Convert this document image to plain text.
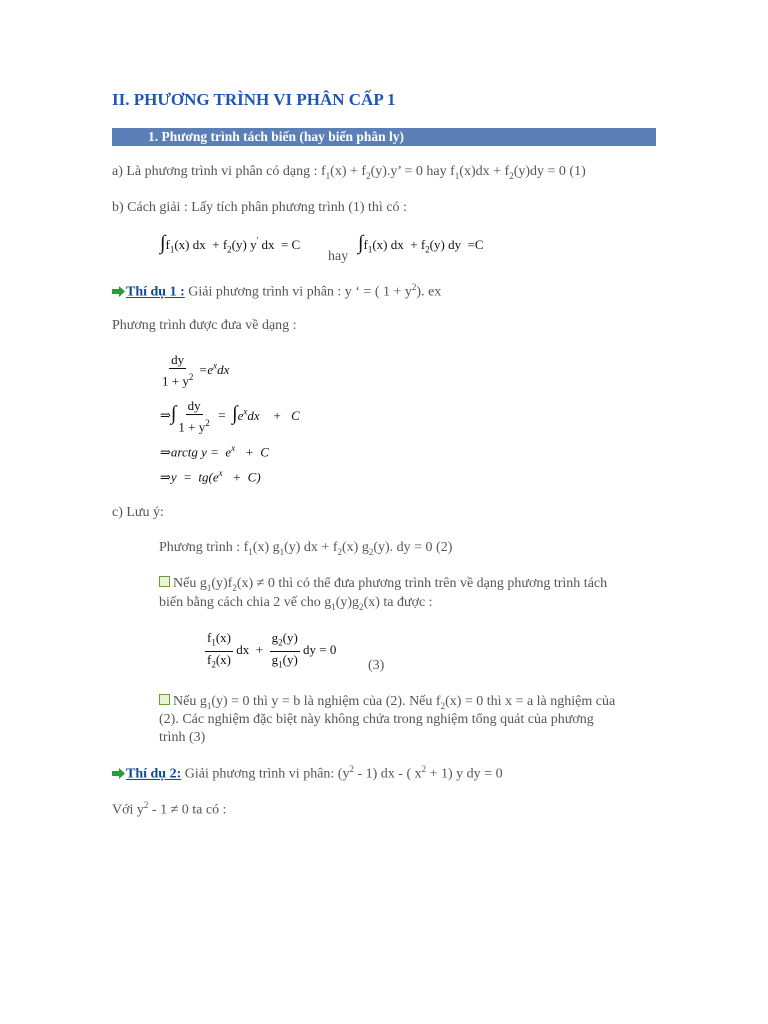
II. PHƯƠNG TRÌNH VI PHÂN CẤP 1
1. Phương trình tách biến (hay biến phân ly)
a) Là phương trình vi phân có dạng : $f_1(x) + f_2(y).y$’ = 0 hay $f_1(x)dx + f_2(y)dy = 0$ (1)
b) Cách giải : Lấy tích phân phương trình (1) thì có :
$\int f_1(x)$ dx  + $f_2(y)$ y' dx  = C
hay
$\int f_1(x)$ dx  + $f_2(y)$ dy  =C
Thí dụ 1 : Giải phương trình vi phân : y ‘ = ( $1 + y^2$). ex
Phương trình được đưa về dạng :
$\frac{dy}{1 + y^2} =e^xdx$
⇒∫ $\frac{dy}{1 + y^2} = \int e^xdx$    +   C
⇒arctg $y = e^x + C$
⇒y  =  $tg(e^x + C)$
c) Lưu ý:
Phương trình : $f_1(x)$ $g_1(y)$ dx + $f_2(x)$ $g_2(y)$. dy = 0 (2)
Nếu $g_1(y)f_2(x) \ne 0$ thì có thể đưa phương trình trên về dạng phương trình tách
biến bằng cách chia 2 vế cho $g_1(y)g_2(x)$ ta được :
$\frac{f_1(x)}{f_2(x)}$ dx  + $\frac{g_2(y)}{g_1(y)}$ dy = 0
(3)
Nếu $g_1(y) = 0$ thì y = b là nghiệm của (2). Nếu $f_2(x) = 0$ thì x = a là nghiệm của
(2). Các nghiệm đặc biệt này không chứa trong nghiệm tổng quát của phương
trình (3)
Thí dụ 2: Giải phương trình vi phân: $(y^2 - 1)$ dx - ( $x^2 + 1$) y dy = 0
Với $y^2 - 1 \ne 0$ ta có :
